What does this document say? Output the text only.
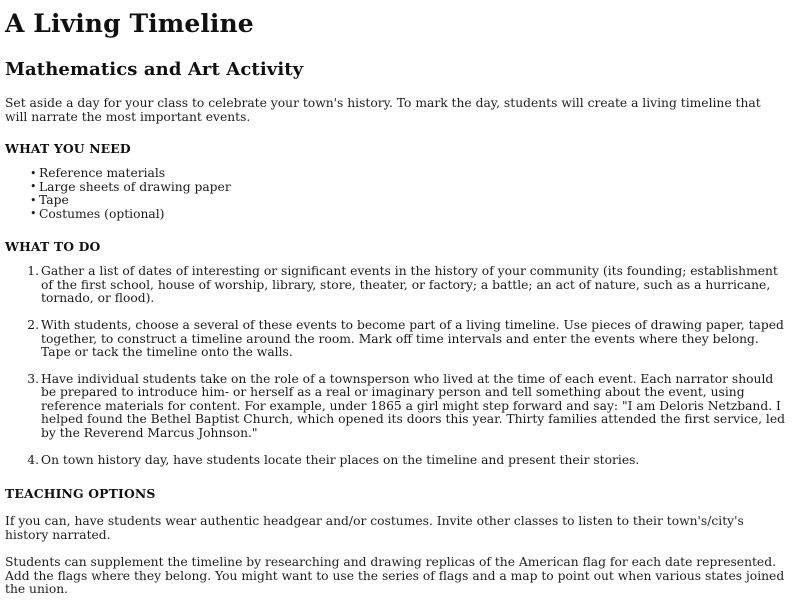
A Living Timeline
Mathematics and Art Activity

Set aside a day for your class to celebrate your town's history. To mark the day, students will create a living timeline that will narrate the most important events.

WHAT YOU NEED
• Reference materials
• Large sheets of drawing paper
• Tape
• Costumes (optional)
WHAT TO DO
Gather a list of dates of interesting or significant events in the history of your community (its founding; establishment of the first school, house of worship, library, store, theater, or factory; a battle; an act of nature, such as a hurricane, tornado, or flood).
With students, choose a several of these events to become part of a living timeline. Use pieces of drawing paper, taped together, to construct a timeline around the room. Mark off time intervals and enter the events where they belong. Tape or tack the timeline onto the walls.
Have individual students take on the role of a townsperson who lived at the time of each event. Each narrator should be prepared to introduce him- or herself as a real or imaginary person and tell something about the event, using reference materials for content. For example, under 1865 a girl might step forward and say: "I am Deloris Netzband. I helped found the Bethel Baptist Church, which opened its doors this year. Thirty families attended the first service, led by the Reverend Marcus Johnson."
On town history day, have students locate their places on the timeline and present their stories.
TEACHING OPTIONS

If you can, have students wear authentic headgear and/or costumes. Invite other classes to listen to their town's/city's history narrated.

Students can supplement the timeline by researching and drawing replicas of the American flag for each date represented. Add the flags where they belong. You might want to use the series of flags and a map to point out when various states joined the union.
